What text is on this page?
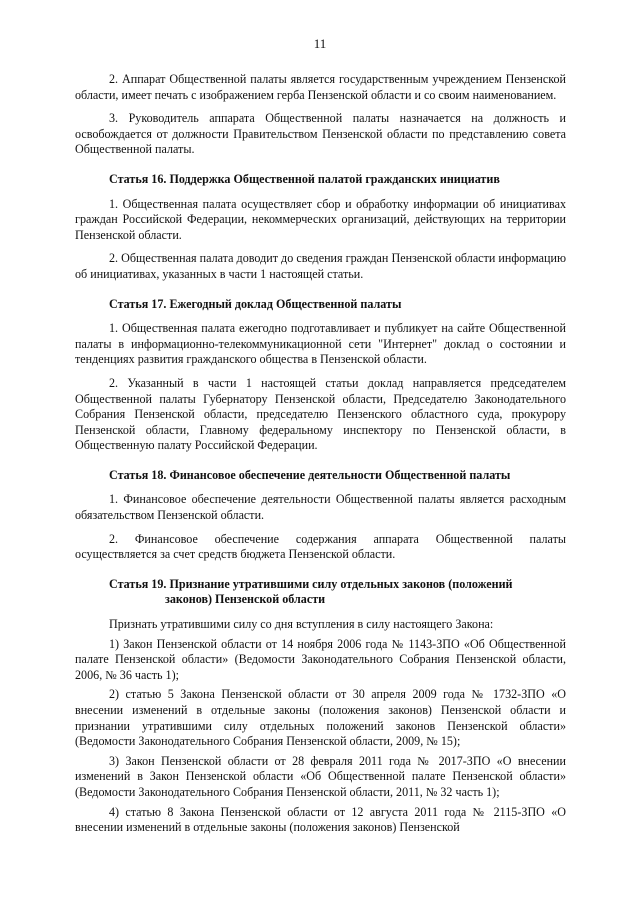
11

2. Аппарат Общественной палаты является государственным учреждением Пензенской области, имеет печать с изображением герба Пензенской области и со своим наименованием.

3. Руководитель аппарата Общественной палаты назначается на должность и освобождается от должности Правительством Пензенской области по представлению совета Общественной палаты.

Статья 16. Поддержка Общественной палатой гражданских инициатив

1. Общественная палата осуществляет сбор и обработку информации об инициативах граждан Российской Федерации, некоммерческих организаций, действующих на территории Пензенской области.

2. Общественная палата доводит до сведения граждан Пензенской области информацию об инициативах, указанных в части 1 настоящей статьи.

Статья 17. Ежегодный доклад Общественной палаты

1. Общественная палата ежегодно подготавливает и публикует на сайте Общественной палаты в информационно-телекоммуникационной сети "Интернет" доклад о состоянии и тенденциях развития гражданского общества в Пензенской области.

2. Указанный в части 1 настоящей статьи доклад направляется председателем Общественной палаты Губернатору Пензенской области, Председателю Законодательного Собрания Пензенской области, председателю Пензенского областного суда, прокурору Пензенской области, Главному федеральному инспектору по Пензенской области, в Общественную палату Российской Федерации.

Статья 18. Финансовое обеспечение деятельности Общественной палаты

1. Финансовое обеспечение деятельности Общественной палаты является расходным обязательством Пензенской области.

2. Финансовое обеспечение содержания аппарата Общественной палаты осуществляется за счет средств бюджета Пензенской области.

Статья 19. Признание утратившими силу отдельных законов (положений
законов) Пензенской области

Признать утратившими силу со дня вступления в силу настоящего Закона:

1) Закон Пензенской области от 14 ноября 2006 года № 1143-ЗПО «Об Общественной палате Пензенской области» (Ведомости Законодательного Собрания Пензенской области, 2006, № 36 часть 1);

2) статью 5 Закона Пензенской области от 30 апреля 2009 года № 1732-ЗПО «О внесении изменений в отдельные законы (положения законов) Пензенской области и признании утратившими силу отдельных положений законов Пензенской области» (Ведомости Законодательного Собрания Пензенской области, 2009, № 15);

3) Закон Пензенской области от 28 февраля 2011 года № 2017-ЗПО «О внесении изменений в Закон Пензенской области «Об Общественной палате Пензенской области» (Ведомости Законодательного Собрания Пензенской области, 2011, № 32 часть 1);

4) статью 8 Закона Пензенской области от 12 августа 2011 года № 2115-ЗПО «О внесении изменений в отдельные законы (положения законов) Пензенской
